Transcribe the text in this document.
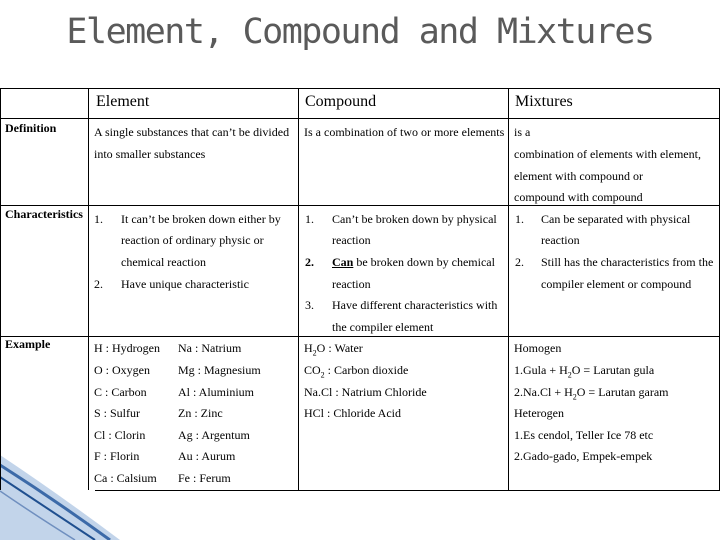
Element, Compound and Mixtures
Element	Compound	Mixtures
Definition
Characteristics
Example
A single substances that can’t be divided
into smaller substances
Is a combination of two or more elements is a
combination of elements with element,
element with compound or
compound with compound
1. It can’t be broken down either by
reaction of ordinary physic or
chemical reaction
2. Have unique characteristic
1. Can’t be broken down by physical
reaction
2. Can be broken down by chemical
reaction
3. Have different characteristics with
the compiler element
1. Can be separated with physical
reaction
2. Still has the characteristics from the
compiler element or compound
H : Hydrogen
O : Oxygen
C : Carbon
S : Sulfur
Cl : Clorin
F : Florin
Ca : Calsium
Na : Natrium
Mg : Magnesium
Al : Aluminium
Zn : Zinc
Ag : Argentum
Au : Aurum
Fe : Ferum
$H_2O$ : Water
$CO_2$ : Carbon dioxide
Na.Cl : Natrium Chloride
HCl : Chloride Acid
Homogen
1.Gula + $H_2O$ = Larutan gula
$2.Na.Cl + H_2O$ = Larutan garam
Heterogen
1.Es cendol, Teller Ice 78 etc
2.Gado-gado, Empek-empek
